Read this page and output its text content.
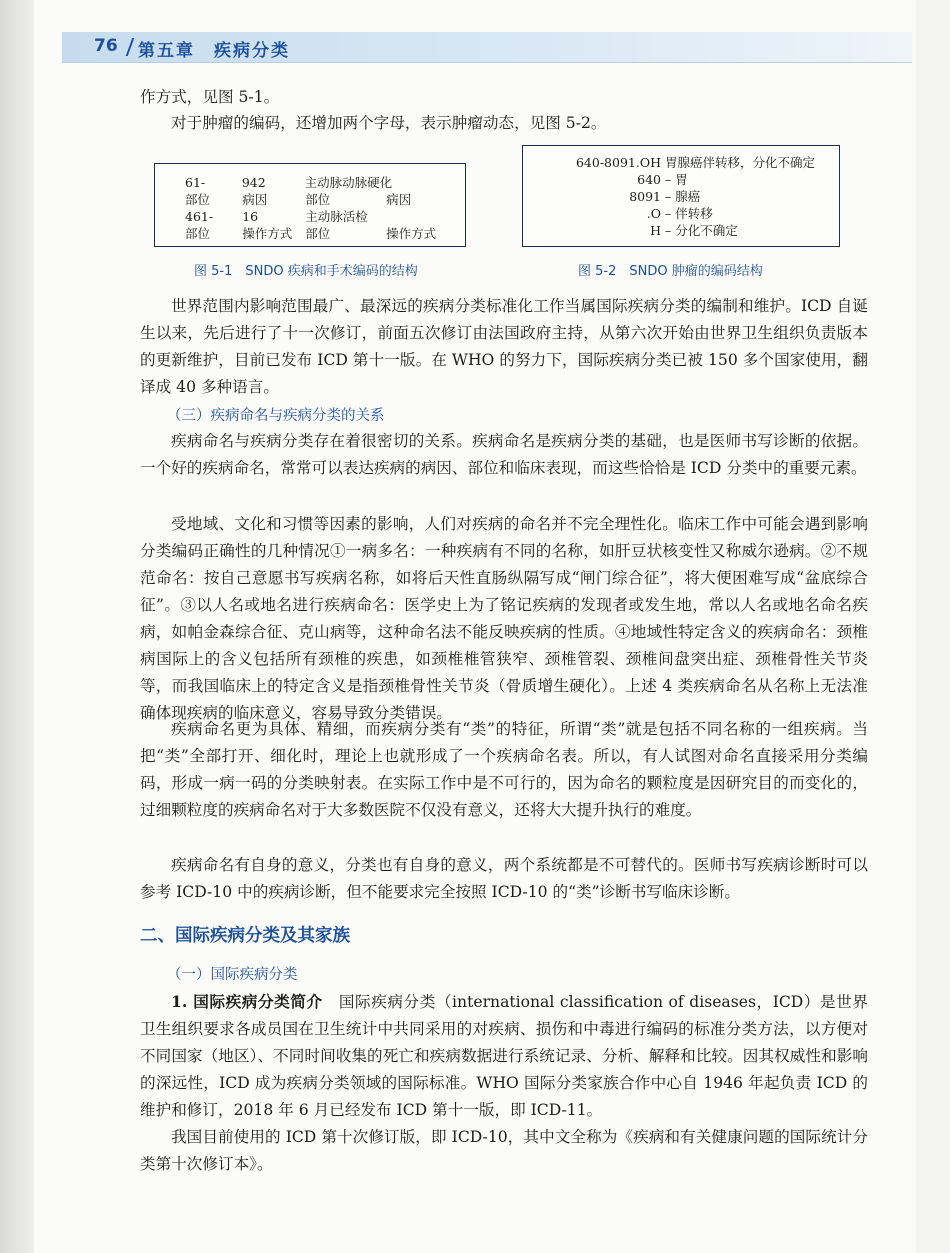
76 第五章　疾病分类

作方式，见图 5-1。

对于肿瘤的编码，还增加两个字母，表示肿瘤动态，见图 5-2。

61-	942	主动脉动脉硬化
部位	病因	部位	病因
461-	16	主动脉活检
部位	操作方式	部位	操作方式
图 5-1　SNDO 疾病和手术编码的结构
640-8091.OH 胃腺癌伴转移，分化不确定
640 – 胃
8091 – 腺癌
.O – 伴转移
H – 分化不确定
图 5-2　SNDO 肿瘤的编码结构

世界范围内影响范围最广、最深远的疾病分类标准化工作当属国际疾病分类的编制和维护。ICD 自诞生以来，先后进行了十一次修订，前面五次修订由法国政府主持，从第六次开始由世界卫生组织负责版本的更新维护，目前已发布 ICD 第十一版。在 WHO 的努力下，国际疾病分类已被 150 多个国家使用，翻译成 40 多种语言。

（三）疾病命名与疾病分类的关系

疾病命名与疾病分类存在着很密切的关系。疾病命名是疾病分类的基础，也是医师书写诊断的依据。一个好的疾病命名，常常可以表达疾病的病因、部位和临床表现，而这些恰恰是 ICD 分类中的重要元素。

受地域、文化和习惯等因素的影响，人们对疾病的命名并不完全理性化。临床工作中可能会遇到影响分类编码正确性的几种情况①一病多名：一种疾病有不同的名称，如肝豆状核变性又称威尔逊病。②不规范命名：按自己意愿书写疾病名称，如将后天性直肠纵隔写成“闸门综合征”，将大便困难写成“盆底综合征”。③以人名或地名进行疾病命名：医学史上为了铭记疾病的发现者或发生地，常以人名或地名命名疾病，如帕金森综合征、克山病等，这种命名法不能反映疾病的性质。④地域性特定含义的疾病命名：颈椎病国际上的含义包括所有颈椎的疾患，如颈椎椎管狭窄、颈椎管裂、颈椎间盘突出症、颈椎骨性关节炎等，而我国临床上的特定含义是指颈椎骨性关节炎（骨质增生硬化）。上述 4 类疾病命名从名称上无法准确体现疾病的临床意义，容易导致分类错误。

疾病命名更为具体、精细，而疾病分类有“类”的特征，所谓“类”就是包括不同名称的一组疾病。当把“类”全部打开、细化时，理论上也就形成了一个疾病命名表。所以，有人试图对命名直接采用分类编码，形成一病一码的分类映射表。在实际工作中是不可行的，因为命名的颗粒度是因研究目的而变化的，过细颗粒度的疾病命名对于大多数医院不仅没有意义，还将大大提升执行的难度。

疾病命名有自身的意义，分类也有自身的意义，两个系统都是不可替代的。医师书写疾病诊断时可以参考 ICD-10 中的疾病诊断，但不能要求完全按照 ICD-10 的“类”诊断书写临床诊断。

二、国际疾病分类及其家族
（一）国际疾病分类

1. 国际疾病分类简介　国际疾病分类（international classification of diseases，ICD）是世界卫生组织要求各成员国在卫生统计中共同采用的对疾病、损伤和中毒进行编码的标准分类方法，以方便对不同国家（地区）、不同时间收集的死亡和疾病数据进行系统记录、分析、解释和比较。因其权威性和影响的深远性，ICD 成为疾病分类领域的国际标准。WHO 国际分类家族合作中心自 1946 年起负责 ICD 的维护和修订，2018 年 6 月已经发布 ICD 第十一版，即 ICD-11。

我国目前使用的 ICD 第十次修订版，即 ICD-10，其中文全称为《疾病和有关健康问题的国际统计分类第十次修订本》。
